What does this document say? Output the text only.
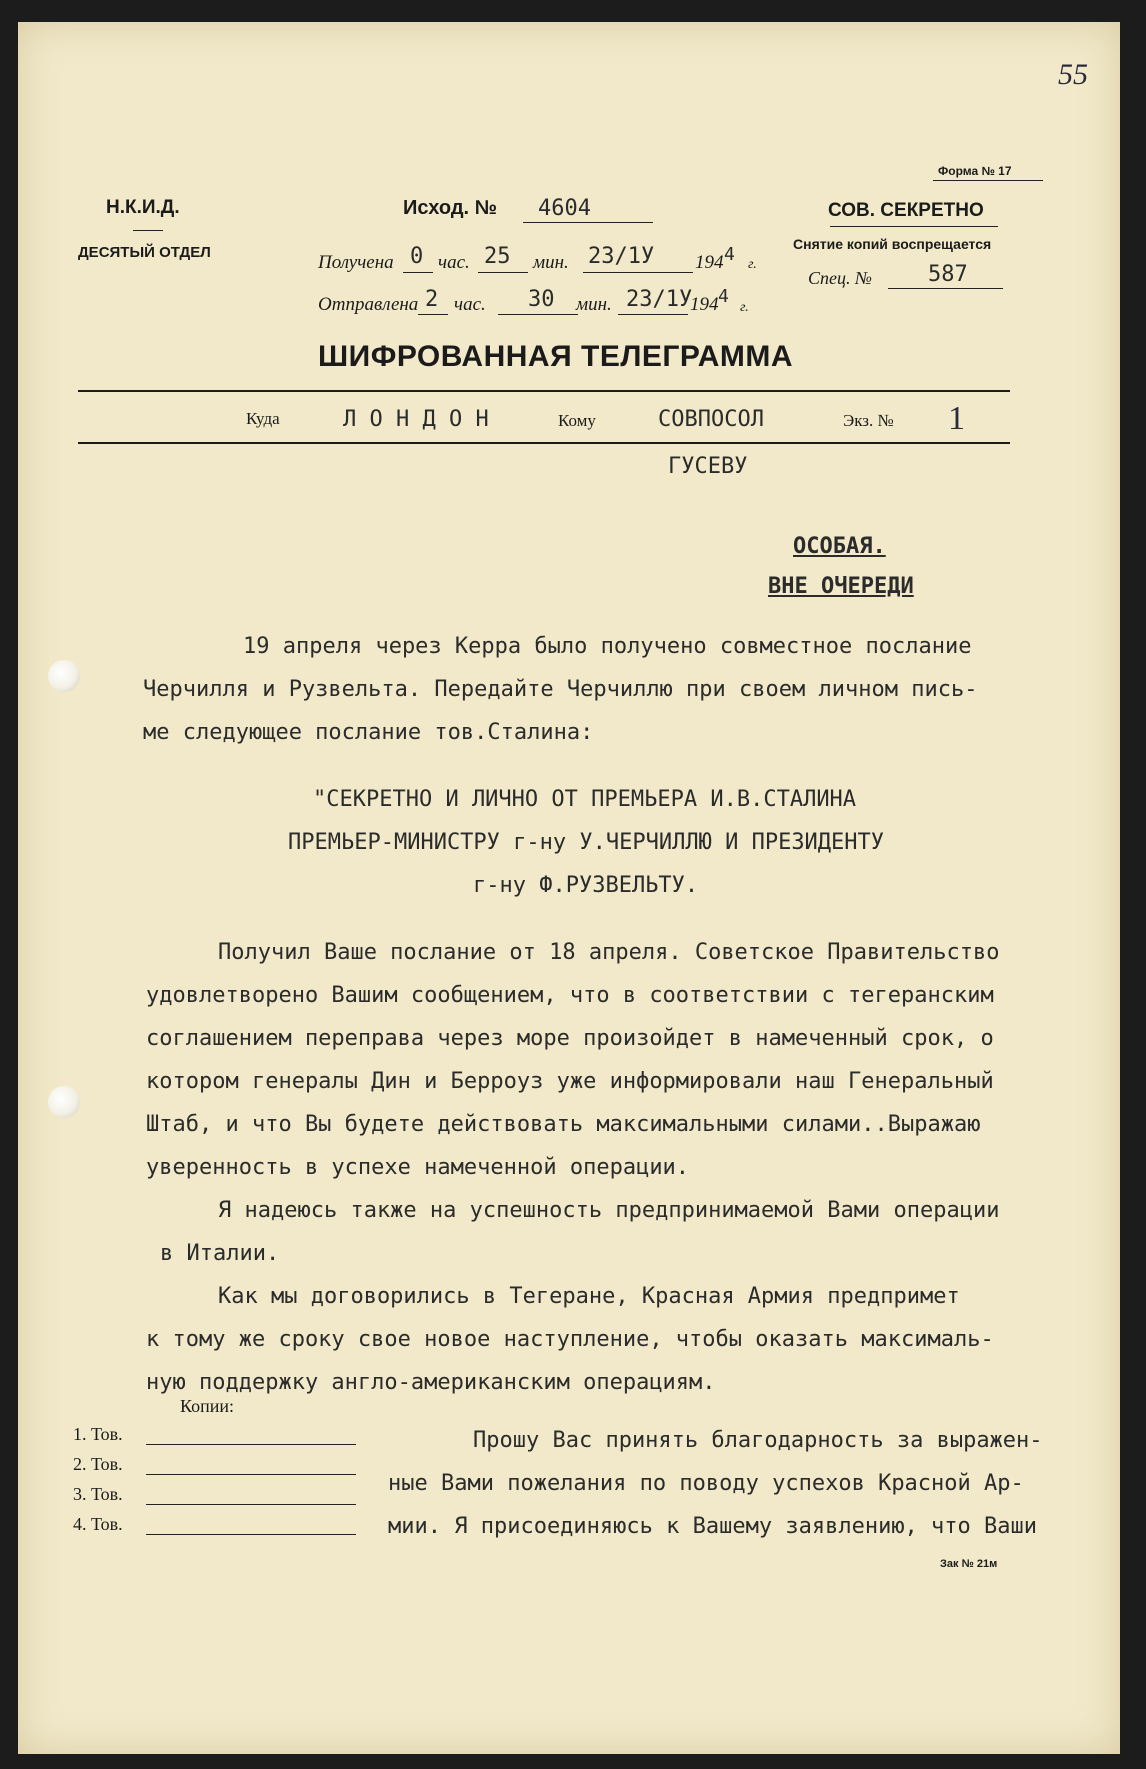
55
Форма № 17
Н.К.И.Д.
ДЕСЯТЫЙ ОТДЕЛ
Исход. № 4604
Получена 0 час. 25 мин. 23/1У 194 4 г.
Отправлена 2 час. 30 мин. 23/1У
194 4
г.
СОВ. СЕКРЕТНО
Снятие копий воспрещается
Спец. №	587
ШИФРОВАННАЯ ТЕЛЕГРАММА
Куда	Л О Н Д О Н	Кому	СОВПОСОЛ	Экз. № 1
ГУСЕВУ
ОСОБАЯ.
ВНЕ ОЧЕРЕДИ
19 апреля через Керра было получено совместное послание
Черчилля и Рузвельта. Передайте Черчиллю при своем личном пись-
ме следующее послание тов.Сталина:
"СЕКРЕТНО И ЛИЧНО ОТ ПРЕМЬЕРА И.В.СТАЛИНА
ПРЕМЬЕР-МИНИСТРУ г-ну У.ЧЕРЧИЛЛЮ И ПРЕЗИДЕНТУ
г-ну Ф.РУЗВЕЛЬТУ.
Получил Ваше послание от 18 апреля. Советское Правительство
удовлетворено Вашим сообщением, что в соответствии с тегеранским
соглашением переправа через море произойдет в намеченный срок, о
котором генералы Дин и Берроуз уже информировали наш Генеральный
Штаб, и что Вы будете действовать максимальными силами..Выражаю
уверенность в успехе намеченной операции.
Я надеюсь также на успешность предпринимаемой Вами операции
в Италии.
Как мы договорились в Тегеране, Красная Армия предпримет
к тому же сроку свое новое наступление, чтобы оказать максималь-
ную поддержку англо-американским операциям.
Копии:
1. Тов.
2. Тов.
3. Тов.
4. Тов.
Прошу Вас принять благодарность за выражен-
ные Вами пожелания по поводу успехов Красной Ар-
мии. Я присоединяюсь к Вашему заявлению, что Ваши
Зак № 21м
